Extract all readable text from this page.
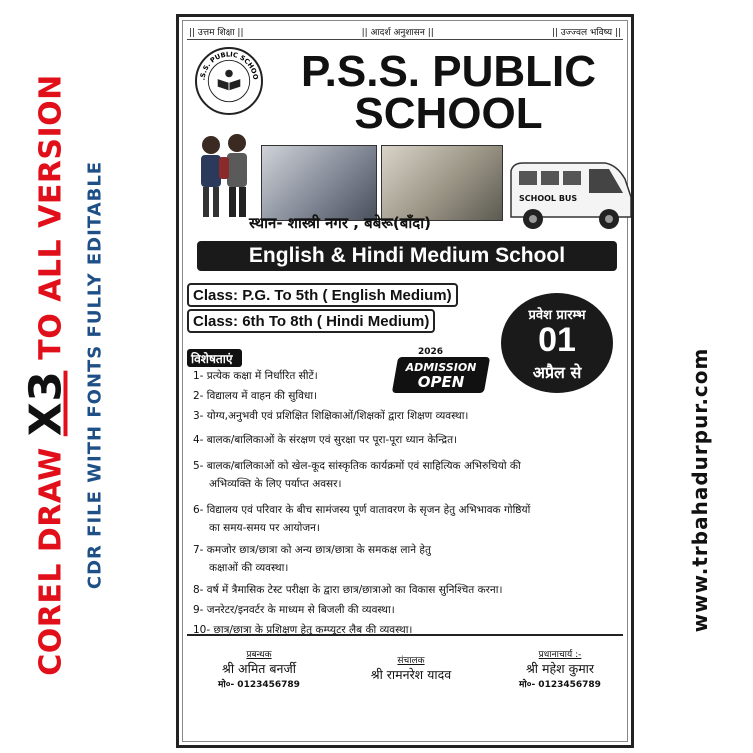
COREL DRAW X3 TO ALL VERSION CDR FILE WITH FONTS FULLY EDITABLE	www.trbahadurpur.com
|| उत्तम शिक्षा ||	|| आदर्श अनुशासन ||	|| उज्ज्वल भविष्य ||
.S.S. PUBLIC SCHOO P.S.S. PUBLIC
SCHOOL
SCHOOL BUS
स्थान- शास्त्री नगर , बबेरू(बाँदा)
English & Hindi Medium School
Class: P.G. To 5th ( English Medium)
Class: 6th To 8th ( Hindi Medium)	प्रवेश प्रारम्भ
01
अप्रैल से
2026
ADMISSION
OPEN
विशेषताएं
1- प्रत्येक कक्षा में निर्धारित सीटें।
2- विद्यालय में वाहन की सुविधा।
3- योग्य,अनुभवी एवं प्रशिक्षित शिक्षिकाओं/शिक्षकों द्वारा शिक्षण व्यवस्था।
4- बालक/बालिकाओं के संरक्षण एवं सुरक्षा पर पूरा-पूरा ध्यान केन्द्रित।
5- बालक/बालिकाओं को खेल-कूद सांस्कृतिक कार्यक्रमों एवं साहित्यिक अभिरुचियो की
अभिव्यक्ति के लिए पर्याप्त अवसर।
6- विद्यालय एवं परिवार के बीच सामंजस्य पूर्ण वातावरण के सृजन हेतु अभिभावक गोष्ठियों
का समय-समय पर आयोजन।
7- कमजोर छात्र/छात्रा को अन्य छात्र/छात्रा के समकक्ष लाने हेतु
कक्षाओं की व्यवस्था।
8- वर्ष में त्रैमासिक टेस्ट परीक्षा के द्वारा छात्र/छात्राओ का विकास सुनिश्चित करना।
9- जनरेटर/इनवर्टर के माध्यम से बिजली की व्यवस्था।
10- छात्र/छात्रा के प्रशिक्षण हेतु कम्प्यूटर लैब की व्यवस्था।
प्रबन्धक
श्री अमित बनर्जी
मो०- 0123456789
संचालक
श्री रामनरेश यादव
प्रधानाचार्य :-
श्री महेश कुमार
मो०- 0123456789
